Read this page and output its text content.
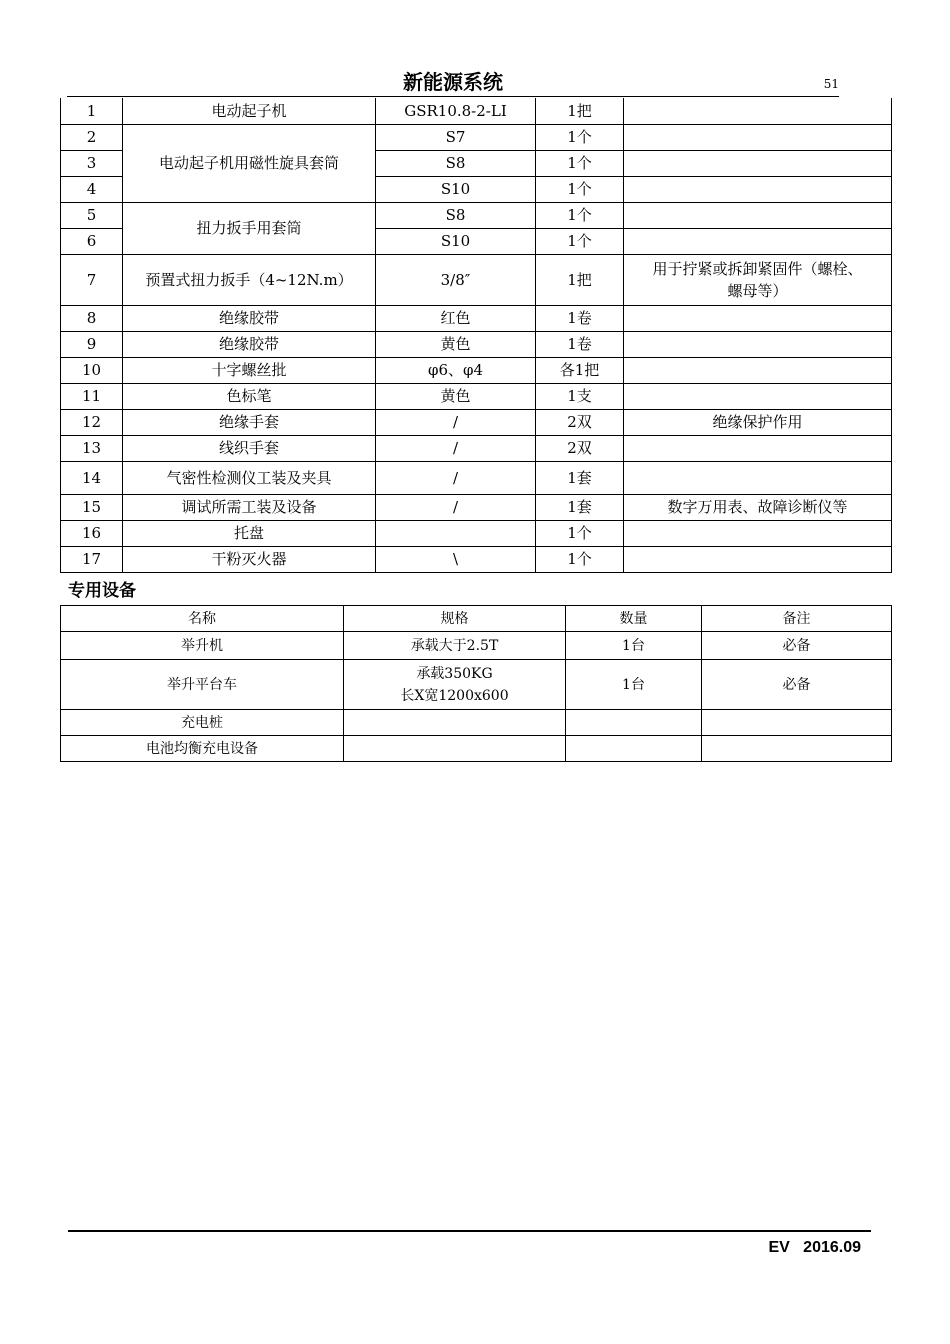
新能源系统	51
1	电动起子机	GSR10.8-2-LI	1把	
2	电动起子机用磁性旋具套筒	S7	1个	
3		S8	1个	
4		S10	1个	
5	扭力扳手用套筒	S8	1个	
6		S10	1个	
7	预置式扭力扳手（4~12N.m）	3/8″	1把	用于拧紧或拆卸紧固件（螺栓、
螺母等）

8	绝缘胶带	红色	1卷	
9	绝缘胶带	黄色	1卷	
10	十字螺丝批	φ6、φ4	各1把	
11	色标笔	黄色	1支	
12	绝缘手套	/	2双	绝缘保护作用
13	线织手套	/	2双	
14	气密性检测仪工装及夹具	/	1套	
15	调试所需工装及设备	/	1套	数字万用表、故障诊断仪等
16	托盘		1个	
17	干粉灭火器	\	1个	
专用设备
名称	规格	数量	备注
举升机	承载大于2.5T	1台	必备
举升平台车	承载350KG
长X宽1200x600	1台	必备
充电桩			
电池均衡充电设备			
EV   2016.09
